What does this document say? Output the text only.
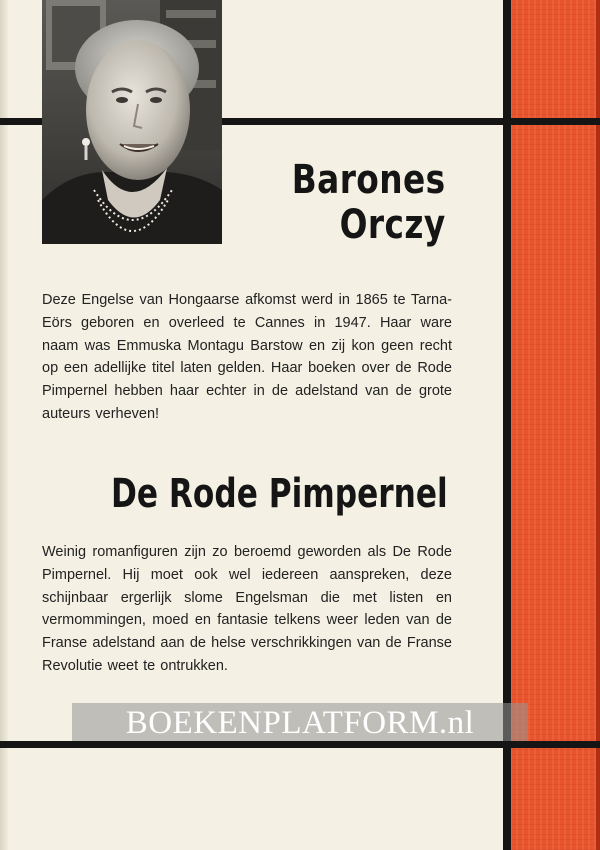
Barones
Orczy
Deze Engelse van Hongaarse afkomst werd in 1865 te Tarna-Eörs geboren en overleed te Cannes in 1947. Haar ware naam was Emmuska Montagu Barstow en zij kon geen recht op een adellijke titel laten gelden. Haar boeken over de Rode Pimpernel hebben haar echter in de adelstand van de grote auteurs verheven!
De Rode Pimpernel
Weinig romanfiguren zijn zo beroemd geworden als De Rode Pimpernel. Hij moet ook wel iedereen aanspreken, deze schijnbaar ergerlijk slome Engelsman die met listen en vermommingen, moed en fantasie telkens weer leden van de Franse adelstand aan de helse verschrikkingen van de Franse Revolutie weet te ontrukken.
BOEKENPLATFORM.nl
